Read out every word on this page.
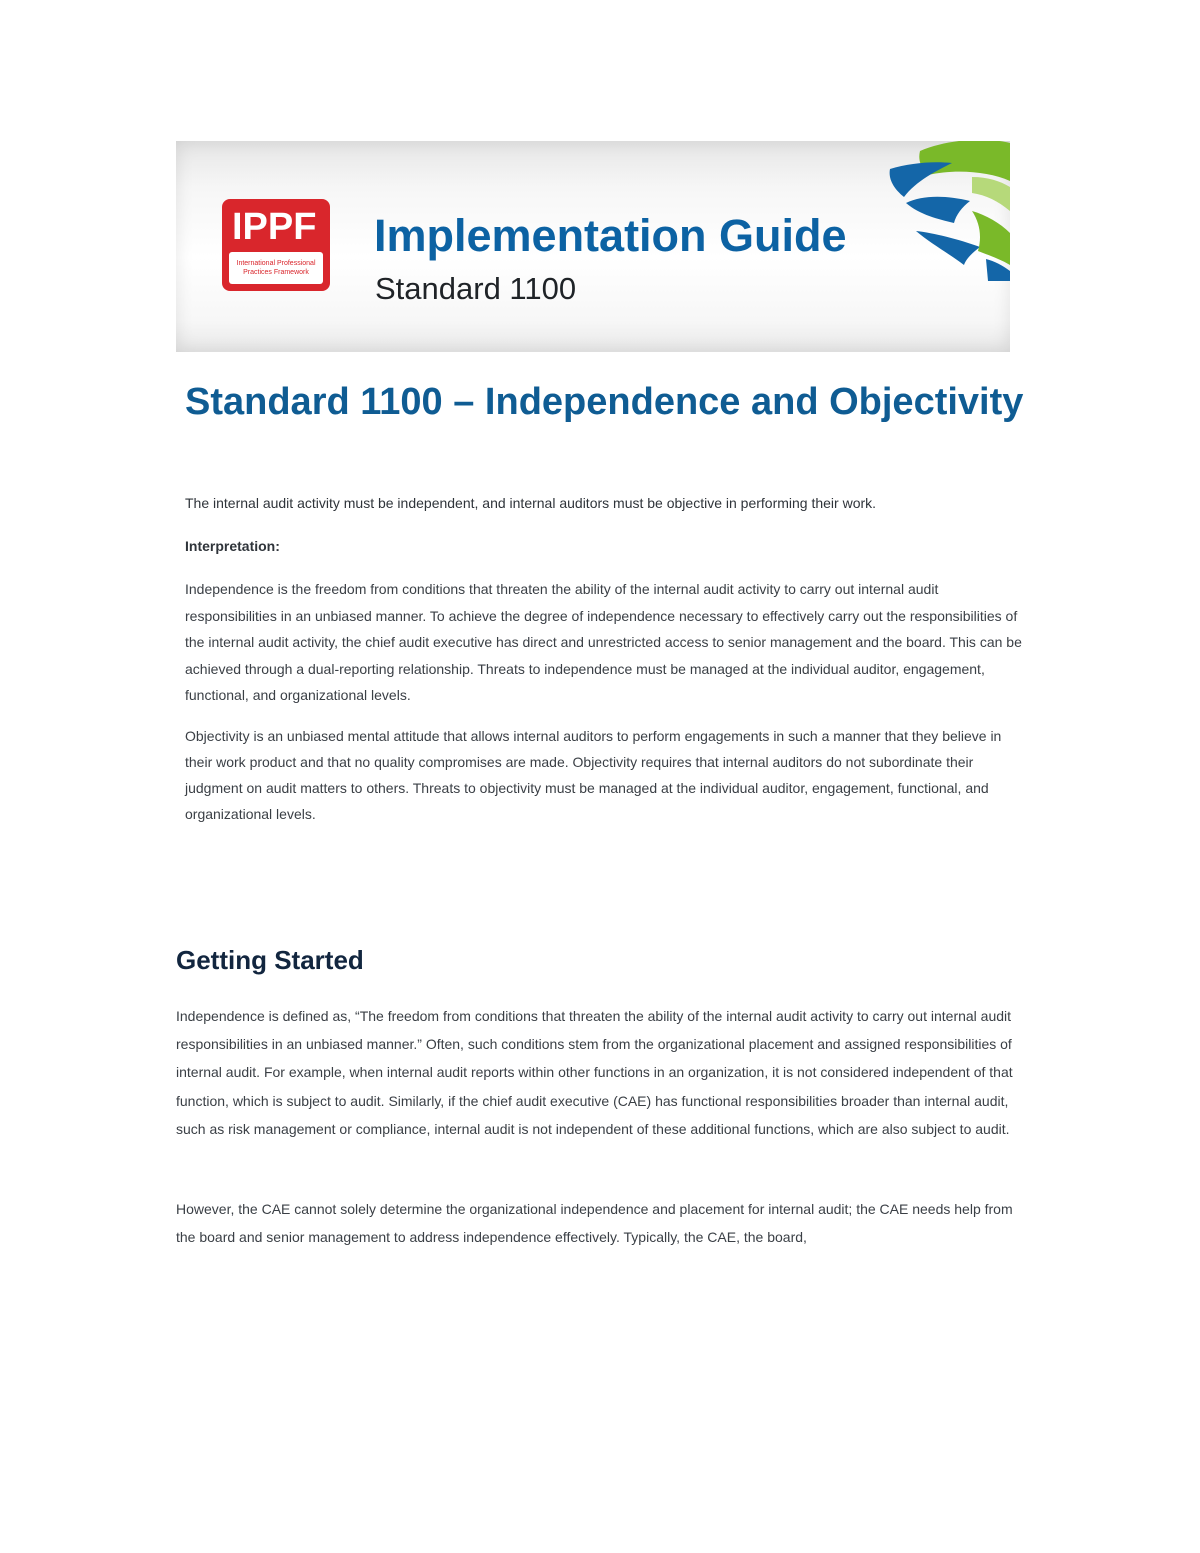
IPPF
International Professional
Practices Framework
Implementation Guide
Standard 1100
Standard 1100 – Independence and Objectivity
The internal audit activity must be independent, and internal auditors must be objective in performing their work.
Interpretation:

Independence is the freedom from conditions that threaten the ability of the internal audit activity to carry out internal audit responsibilities in an unbiased manner. To achieve the degree of independence necessary to effectively carry out the responsibilities of the internal audit activity, the chief audit executive has direct and unrestricted access to senior management and the board. This can be achieved through a dual-reporting relationship. Threats to independence must be managed at the individual auditor, engagement, functional, and organizational levels.

Objectivity is an unbiased mental attitude that allows internal auditors to perform engagements in such a manner that they believe in their work product and that no quality compromises are made. Objectivity requires that internal auditors do not subordinate their judgment on audit matters to others. Threats to objectivity must be managed at the individual auditor, engagement, functional, and organizational levels.

Getting Started

Independence is defined as, “The freedom from conditions that threaten the ability of the internal audit activity to carry out internal audit responsibilities in an unbiased manner.” Often, such conditions stem from the organizational placement and assigned responsibilities of internal audit. For example, when internal audit reports within other functions in an organization, it is not considered independent of that function, which is subject to audit. Similarly, if the chief audit executive (CAE) has functional responsibilities broader than internal audit, such as risk management or compliance, internal audit is not independent of these additional functions, which are also subject to audit.

However, the CAE cannot solely determine the organizational independence and placement for internal audit; the CAE needs help from the board and senior management to address independence effectively. Typically, the CAE, the board,
